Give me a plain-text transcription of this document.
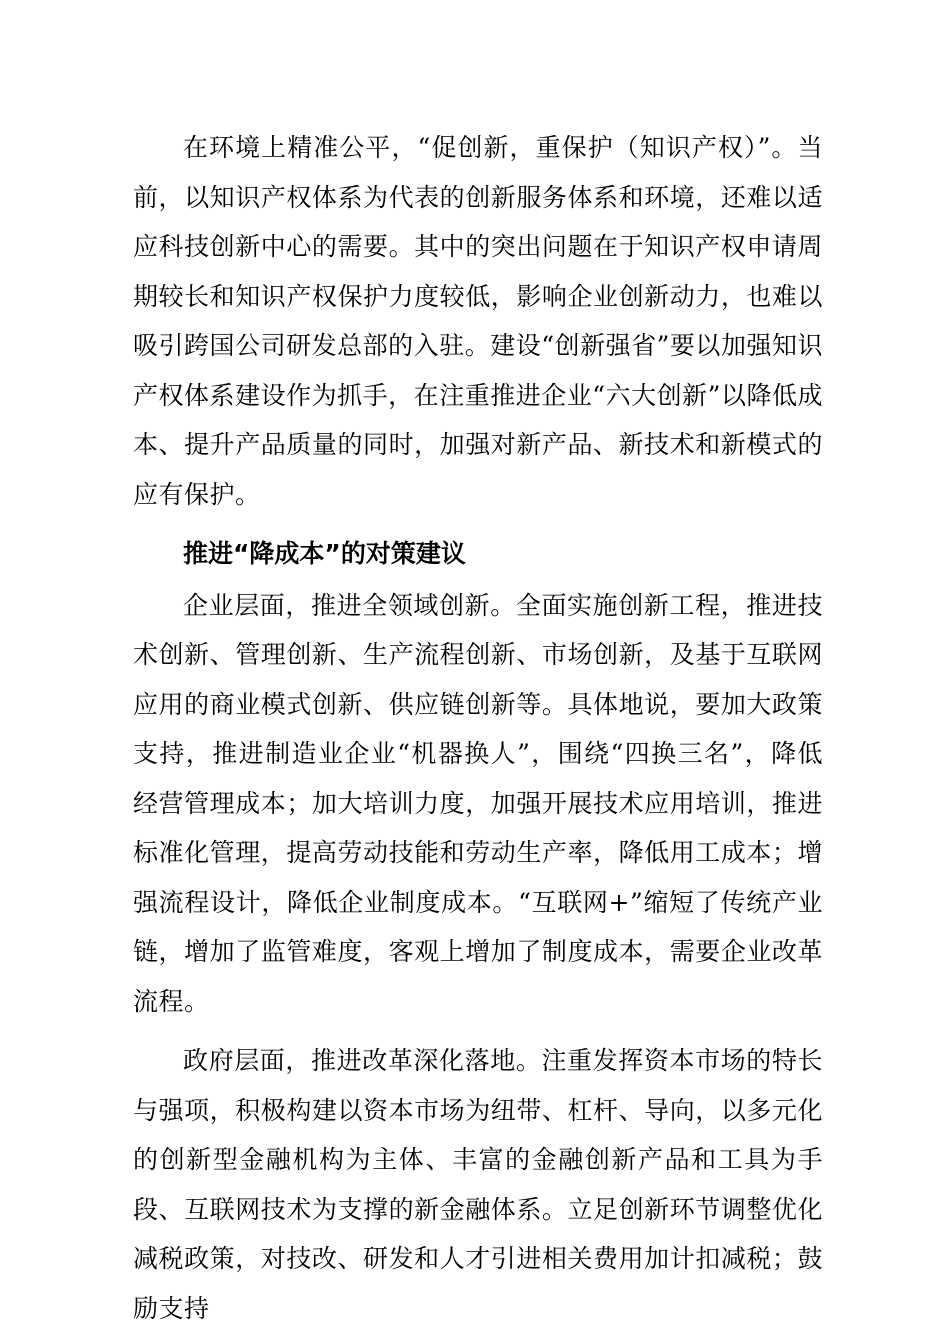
在环境上精准公平，“促创新，重保护（知识产权）”。当前，以知识产权体系为代表的创新服务体系和环境，还难以适应科技创新中心的需要。其中的突出问题在于知识产权申请周期较长和知识产权保护力度较低，影响企业创新动力，也难以吸引跨国公司研发总部的入驻。建设“创新强省”要以加强知识产权体系建设作为抓手，在注重推进企业“六大创新”以降低成本、提升产品质量的同时，加强对新产品、新技术和新模式的应有保护。

推进“降成本”的对策建议

企业层面，推进全领域创新。全面实施创新工程，推进技术创新、管理创新、生产流程创新、市场创新，及基于互联网应用的商业模式创新、供应链创新等。具体地说，要加大政策支持，推进制造业企业“机器换人”，围绕“四换三名”，降低经营管理成本；加大培训力度，加强开展技术应用培训，推进标准化管理，提高劳动技能和劳动生产率，降低用工成本；增强流程设计，降低企业制度成本。“互联网+”缩短了传统产业链，增加了监管难度，客观上增加了制度成本，需要企业改革流程。

政府层面，推进改革深化落地。注重发挥资本市场的特长与强项，积极构建以资本市场为纽带、杠杆、导向，以多元化的创新型金融机构为主体、丰富的金融创新产品和工具为手段、互联网技术为支撑的新金融体系。立足创新环节调整优化减税政策，对技改、研发和人才引进相关费用加计扣减税；鼓励支持
